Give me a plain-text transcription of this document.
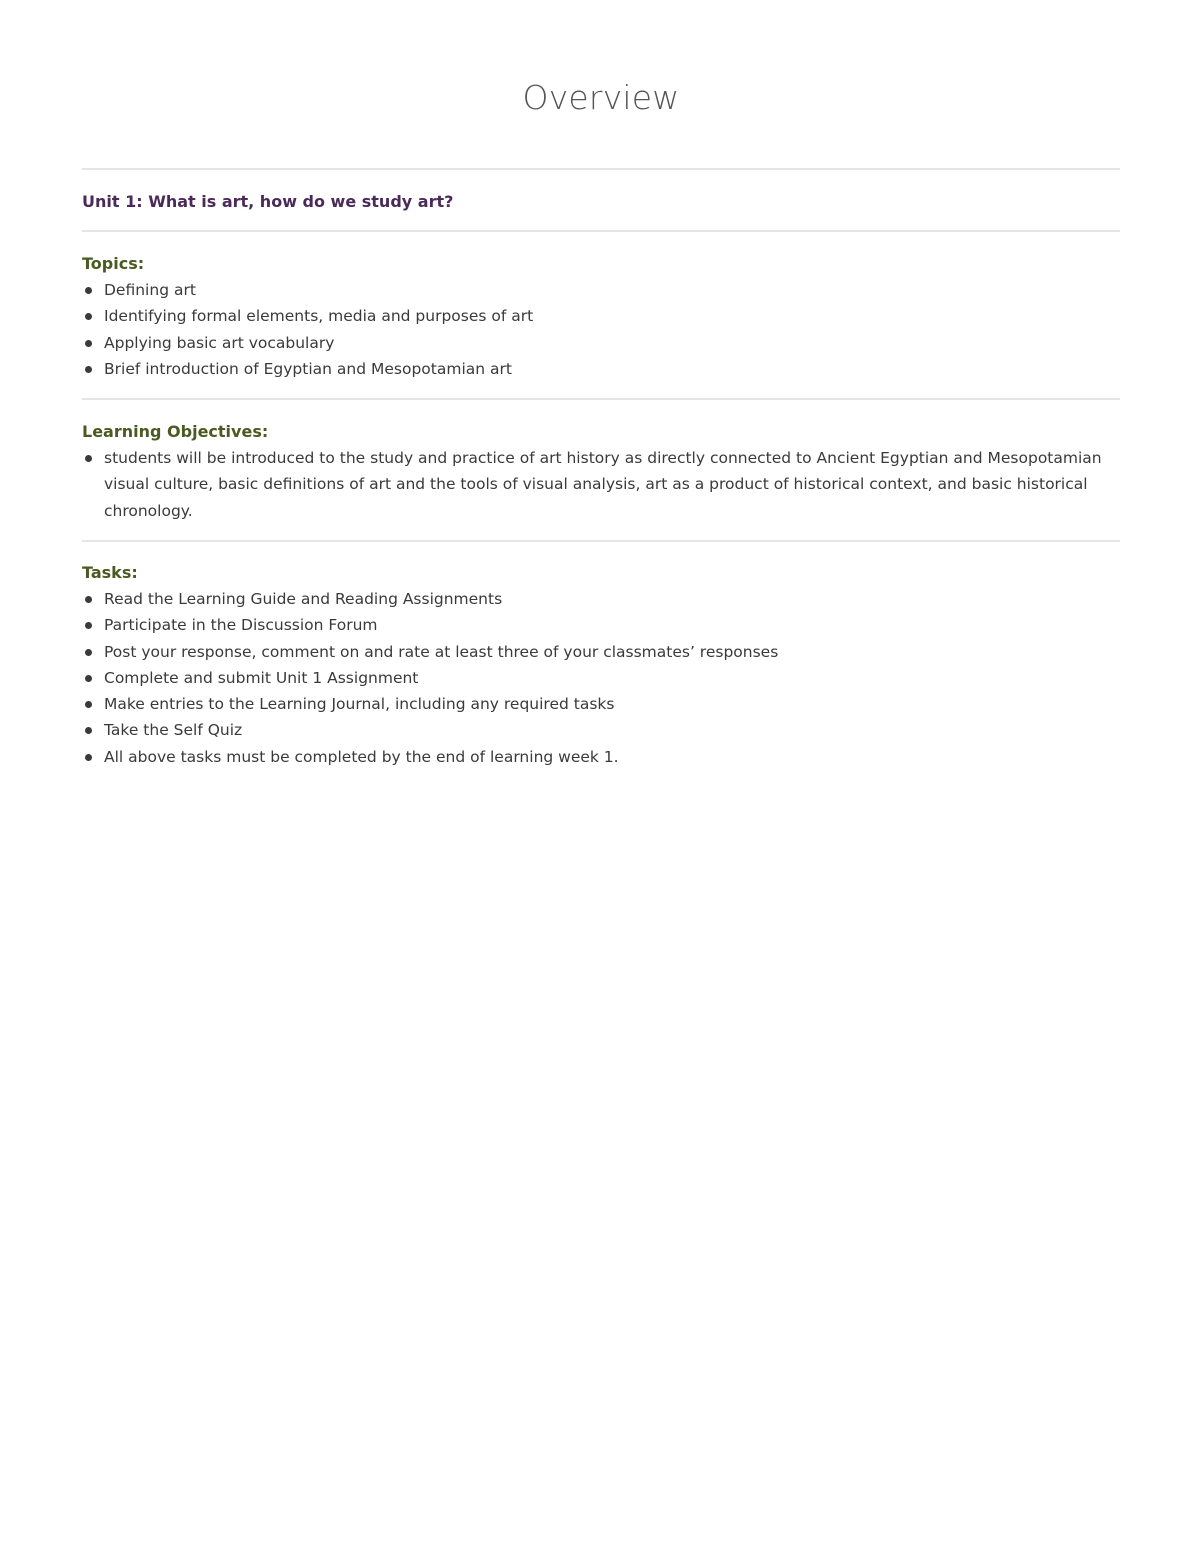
Overview
Unit 1: What is art, how do we study art?
Topics:
Defining art
Identifying formal elements, media and purposes of art
Applying basic art vocabulary
Brief introduction of Egyptian and Mesopotamian art
Learning Objectives:
students will be introduced to the study and practice of art history as directly connected to Ancient Egyptian and Mesopotamian visual culture, basic definitions of art and the tools of visual analysis, art as a product of historical context, and basic historical chronology.
Tasks:
Read the Learning Guide and Reading Assignments
Participate in the Discussion Forum
Post your response, comment on and rate at least three of your classmates’ responses
Complete and submit Unit 1 Assignment
Make entries to the Learning Journal, including any required tasks
Take the Self Quiz
All above tasks must be completed by the end of learning week 1.
